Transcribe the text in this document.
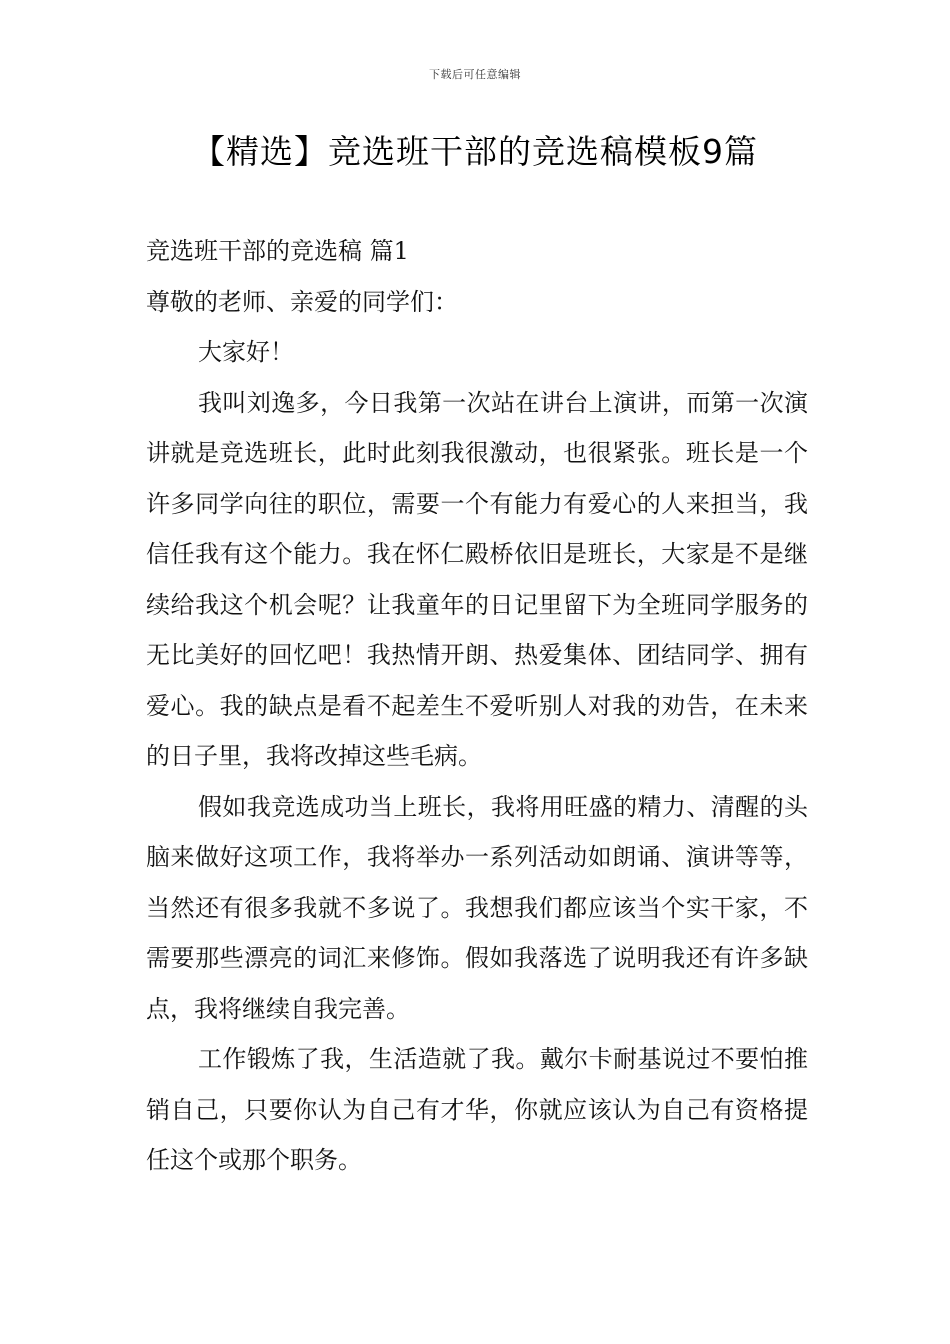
下载后可任意编辑
【精选】竞选班干部的竞选稿模板9篇

竞选班干部的竞选稿 篇1

尊敬的老师、亲爱的同学们：

大家好！

我叫刘逸多，今日我第一次站在讲台上演讲，而第一次演讲就是竞选班长，此时此刻我很激动，也很紧张。班长是一个许多同学向往的职位，需要一个有能力有爱心的人来担当，我信任我有这个能力。我在怀仁殿桥依旧是班长，大家是不是继续给我这个机会呢？让我童年的日记里留下为全班同学服务的无比美好的回忆吧！我热情开朗、热爱集体、团结同学、拥有爱心。我的缺点是看不起差生不爱听别人对我的劝告，在未来的日子里，我将改掉这些毛病。

假如我竞选成功当上班长，我将用旺盛的精力、清醒的头脑来做好这项工作，我将举办一系列活动如朗诵、演讲等等，当然还有很多我就不多说了。我想我们都应该当个实干家，不需要那些漂亮的词汇来修饰。假如我落选了说明我还有许多缺点，我将继续自我完善。

工作锻炼了我，生活造就了我。戴尔卡耐基说过不要怕推销自己，只要你认为自己有才华，你就应该认为自己有资格提任这个或那个职务。
